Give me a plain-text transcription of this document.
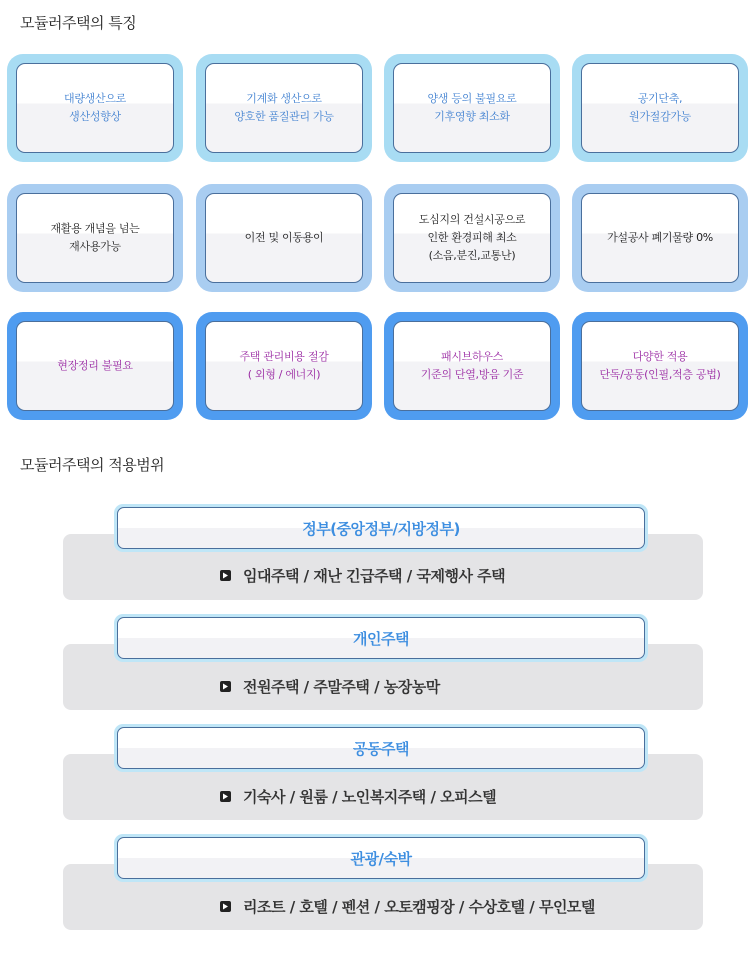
모듈러주택의 특징
대량생산으로
생산성향상
기계화 생산으로
양호한 품질관리 가능
양생 등의 불필요로
기후영향 최소화
공기단축,
원가절감가능
재활용 개념을 넘는
재사용가능
이전 및 이동용이
도심지의 건설시공으로
인한 환경피해 최소
(소음,분진,교통난)
가설공사 폐기물량 0%
현장정리 불필요
주택 관리비용 절감
( 외형 / 에너지)
패시브하우스
기준의 단열,방음 기준
다양한 적용
단독/공동(인필,적층 공법)
모듈러주택의 적용범위
정부(중앙정부/지방정부)
임대주택 / 재난 긴급주택 / 국제행사 주택
개인주택
전원주택 / 주말주택 / 농장농막
공동주택
기숙사 / 원룸 / 노인복지주택 / 오피스텔
관광/숙박
리조트 / 호텔 / 펜션 / 오토캠핑장 / 수상호텔 / 무인모텔
